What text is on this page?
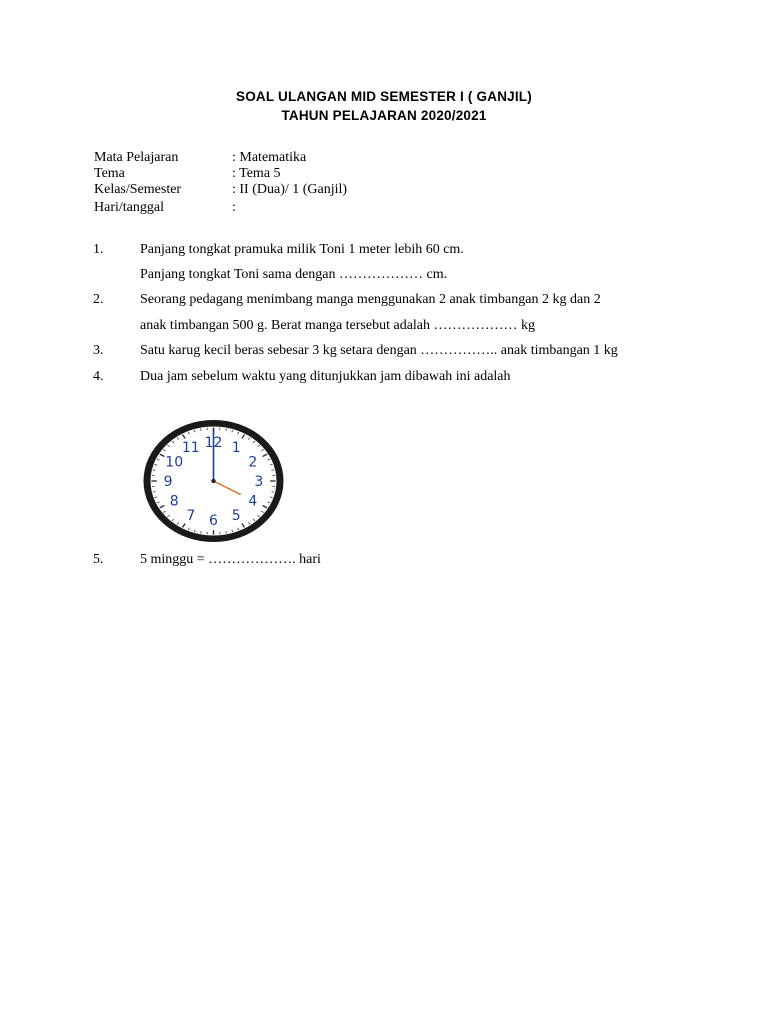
SOAL ULANGAN MID SEMESTER I ( GANJIL)
TAHUN PELAJARAN 2020/2021
Mata Pelajaran	: Matematika
Tema	: Tema 5
Kelas/Semester	: II (Dua)/ 1 (Ganjil)
Hari/tanggal	:
1.	Panjang tongkat pramuka milik Toni 1 meter lebih 60 cm.
Panjang tongkat Toni sama dengan ……………… cm.
2.	Seorang pedagang menimbang manga menggunakan 2 anak timbangan 2 kg dan 2
anak timbangan 500 g. Berat manga tersebut adalah ……………… kg
3.	Satu karug kecil beras sebesar 3 kg setara dengan …………….. anak timbangan 1 kg
4.	Dua jam sebelum waktu yang ditunjukkan jam dibawah ini adalah
12 1
2
3
4
5
6
7
8
9
10
11
5.	5 minggu = ………………. hari
